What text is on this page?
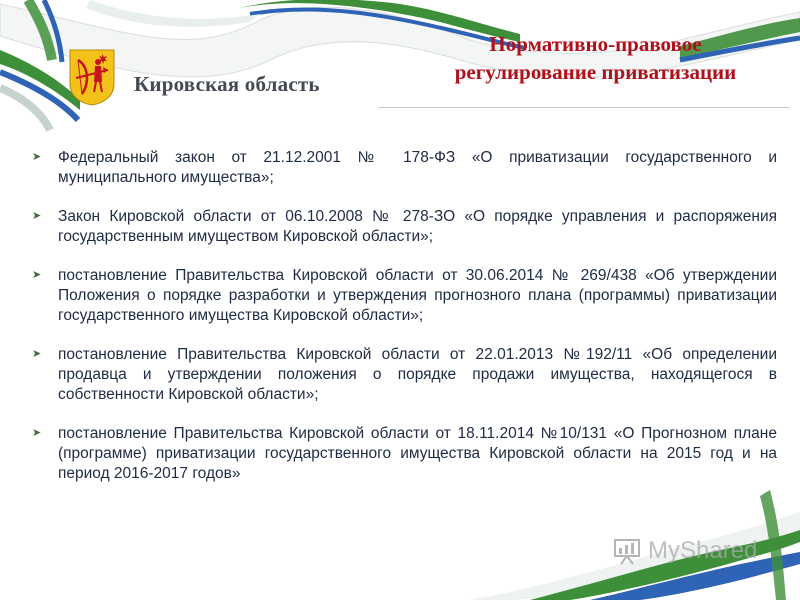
Кировская область
Нормативно-правовое
регулирование приватизации
➤ Федеральный закон от 21.12.2001 № 178-ФЗ «О приватизации государственного и муниципального имущества»;
➤ Закон Кировской области от 06.10.2008 № 278-ЗО «О порядке управления и распоряжения государственным имуществом Кировской области»;
➤ постановление Правительства Кировской области от 30.06.2014 № 269/438 «Об утверждении Положения о порядке разработки и утверждения прогнозного плана (программы) приватизации государственного имущества Кировской области»;
➤ постановление Правительства Кировской области от 22.01.2013 №192/11 «Об определении продавца и утверждении положения о порядке продажи имущества, находящегося в собственности Кировской области»;
➤ постановление Правительства Кировской области от 18.11.2014 №10/131 «О Прогнозном плане (программе) приватизации государственного имущества Кировской области на 2015 год и на период 2016-2017 годов»
MyShared
